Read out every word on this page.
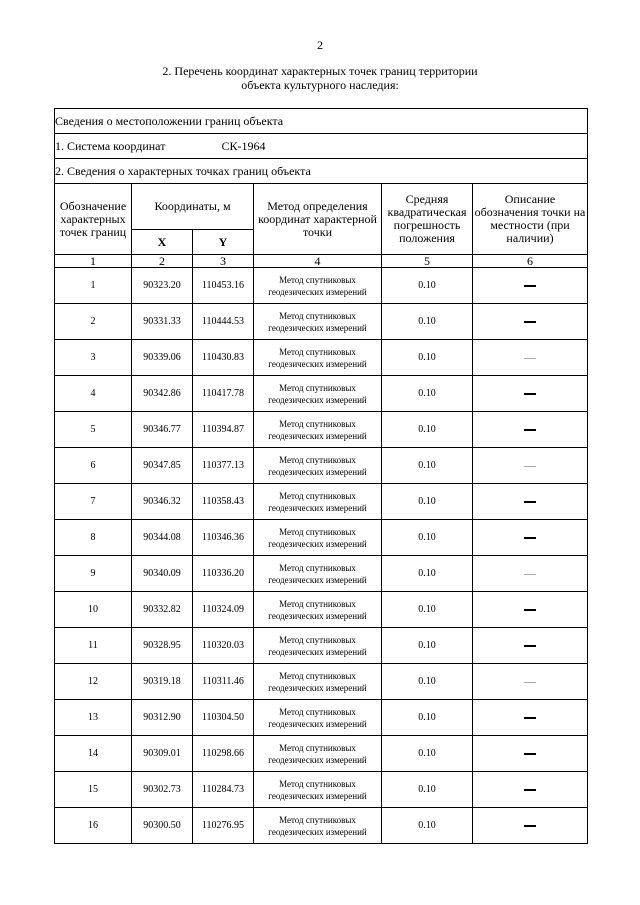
2
2. Перечень координат характерных точек границ территории
объекта культурного наследия:
Сведения о местоположении границ объекта					
1. Система координат СК-1964					
2. Сведения о характерных точках границ объекта					
Обозначение характерных точек границ	Координаты, м		Метод определения координат характерной точки	Средняя квадратическая погрешность положения	Описание обозначения точки на местности (при наличии)
	X	Y			
1	2	3	4	5	6
1	90323.20	110453.16	Метод спутниковых геодезических измерений	0.10	
2	90331.33	110444.53	Метод спутниковых геодезических измерений	0.10	
3	90339.06	110430.83	Метод спутниковых геодезических измерений	0.10	
4	90342.86	110417.78	Метод спутниковых геодезических измерений	0.10	
5	90346.77	110394.87	Метод спутниковых геодезических измерений	0.10	
6	90347.85	110377.13	Метод спутниковых геодезических измерений	0.10	
7	90346.32	110358.43	Метод спутниковых геодезических измерений	0.10	
8	90344.08	110346.36	Метод спутниковых геодезических измерений	0.10	
9	90340.09	110336.20	Метод спутниковых геодезических измерений	0.10	
10	90332.82	110324.09	Метод спутниковых геодезических измерений	0.10	
11	90328.95	110320.03	Метод спутниковых геодезических измерений	0.10	
12	90319.18	110311.46	Метод спутниковых геодезических измерений	0.10	
13	90312.90	110304.50	Метод спутниковых геодезических измерений	0.10	
14	90309.01	110298.66	Метод спутниковых геодезических измерений	0.10	
15	90302.73	110284.73	Метод спутниковых геодезических измерений	0.10	
16	90300.50	110276.95	Метод спутниковых геодезических измерений	0.10	
